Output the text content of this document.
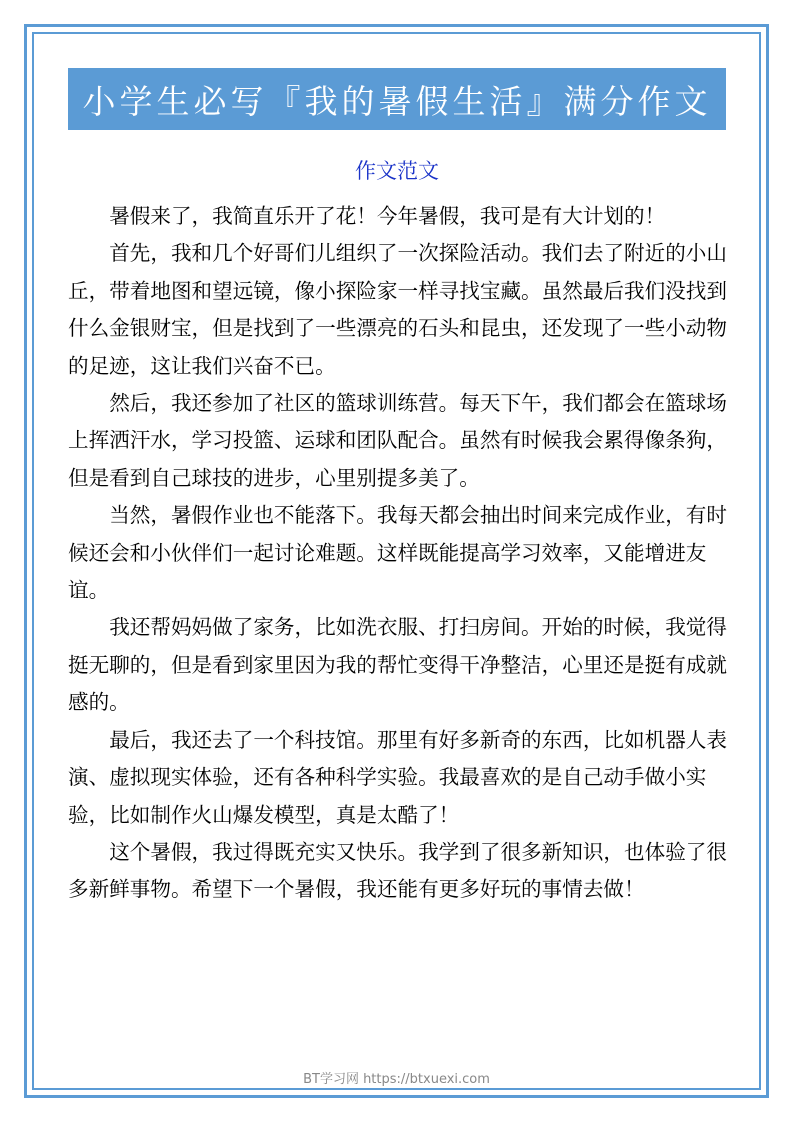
小学生必写『我的暑假生活』满分作文
作文范文

暑假来了，我简直乐开了花！今年暑假，我可是有大计划的！

首先，我和几个好哥们儿组织了一次探险活动。我们去了附近的小山丘，带着地图和望远镜，像小探险家一样寻找宝藏。虽然最后我们没找到什么金银财宝，但是找到了一些漂亮的石头和昆虫，还发现了一些小动物的足迹，这让我们兴奋不已。

然后，我还参加了社区的篮球训练营。每天下午，我们都会在篮球场上挥洒汗水，学习投篮、运球和团队配合。虽然有时候我会累得像条狗，但是看到自己球技的进步，心里别提多美了。

当然，暑假作业也不能落下。我每天都会抽出时间来完成作业，有时候还会和小伙伴们一起讨论难题。这样既能提高学习效率，又能增进友谊。

我还帮妈妈做了家务，比如洗衣服、打扫房间。开始的时候，我觉得挺无聊的，但是看到家里因为我的帮忙变得干净整洁，心里还是挺有成就感的。

最后，我还去了一个科技馆。那里有好多新奇的东西，比如机器人表演、虚拟现实体验，还有各种科学实验。我最喜欢的是自己动手做小实验，比如制作火山爆发模型，真是太酷了！

这个暑假，我过得既充实又快乐。我学到了很多新知识，也体验了很多新鲜事物。希望下一个暑假，我还能有更多好玩的事情去做！

BT学习网 https://btxuexi.com
